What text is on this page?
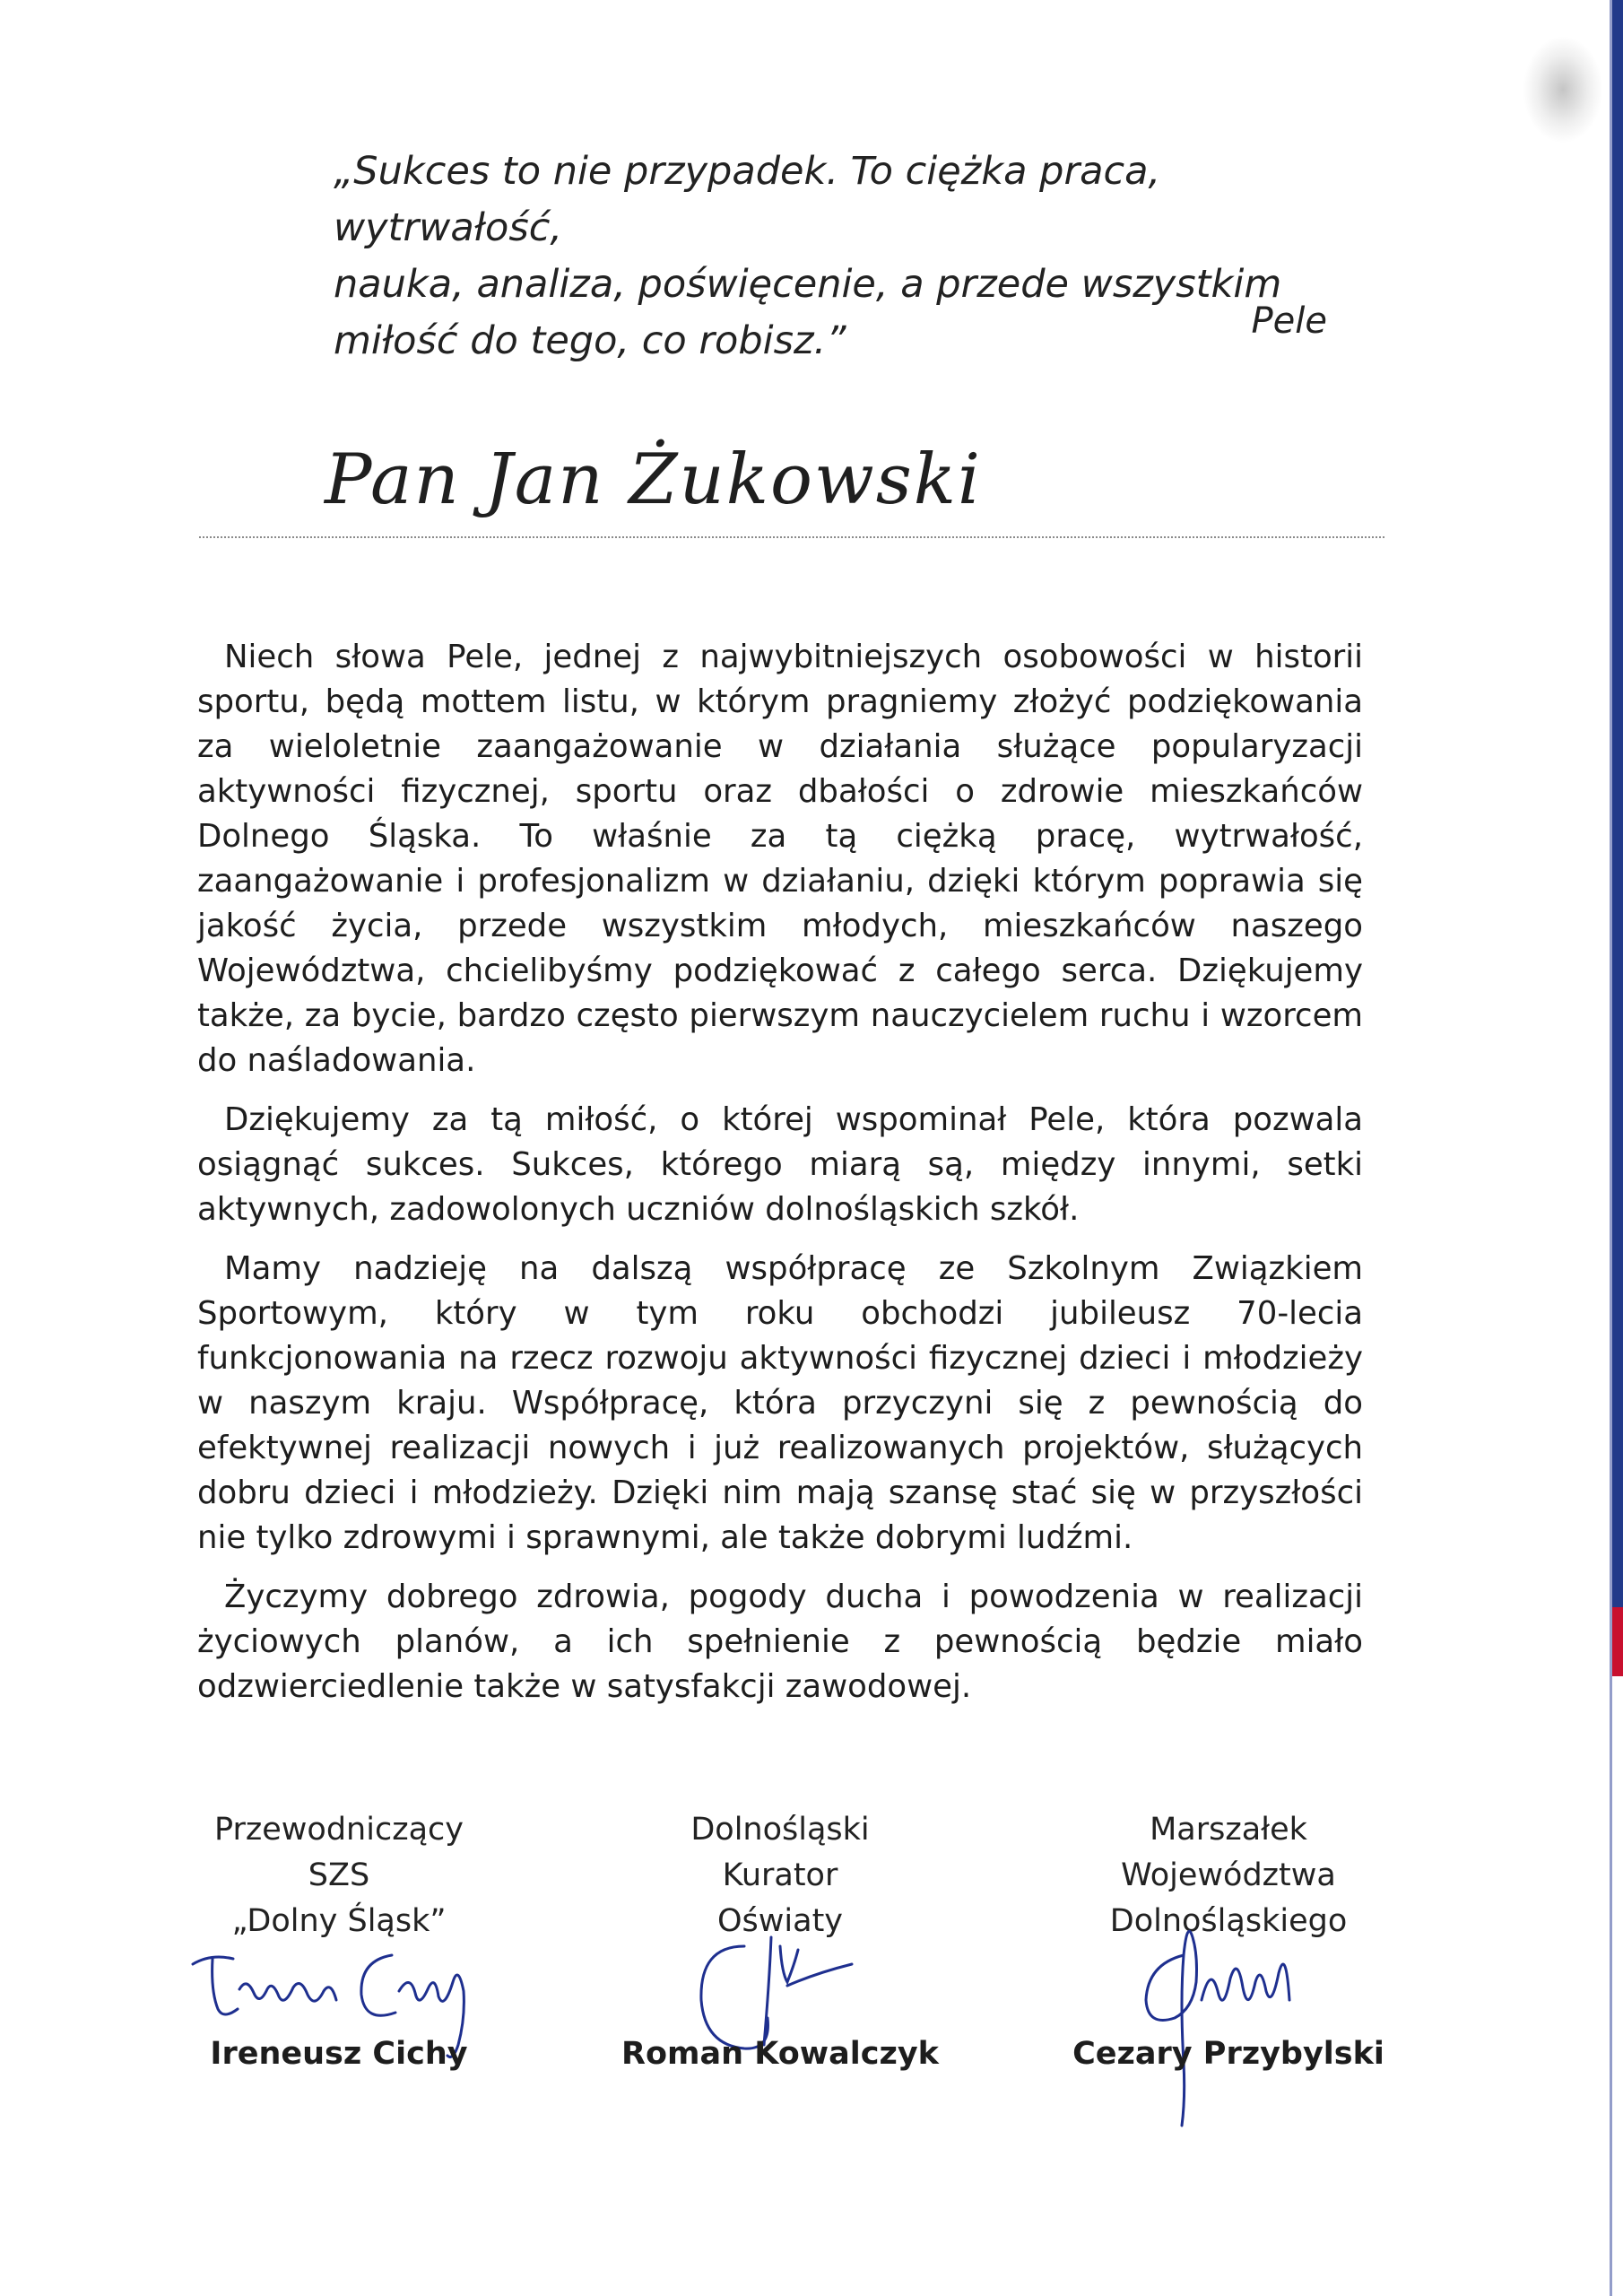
„Sukces to nie przypadek. To ciężka praca, wytrwałość,

nauka, analiza, poświęcenie, a przede wszystkim

miłość do tego, co robisz.”	Pele
Pan Jan Żukowski

Niech słowa Pele, jednej z najwybitniejszych osobowości w historii sportu, będą mottem listu, w którym pragniemy złożyć podziękowania za wieloletnie zaangażowanie w działania służące popularyzacji aktywności fizycznej, sportu oraz dbałości o zdrowie mieszkańców Dolnego Śląska. To właśnie za tą ciężką pracę, wytrwałość, zaangażowanie i profesjonalizm w działaniu, dzięki którym poprawia się jakość życia, przede wszystkim młodych, mieszkańców naszego Województwa, chcielibyśmy podziękować z całego serca. Dziękujemy także, za bycie, bardzo często pierwszym nauczycielem ruchu i wzorcem do naśladowania.

Dziękujemy za tą miłość, o której wspominał Pele, która pozwala osiągnąć sukces. Sukces, którego miarą są, między innymi, setki aktywnych, zadowolonych uczniów dolnośląskich szkół.

Mamy nadzieję na dalszą współpracę ze Szkolnym Związkiem Sportowym, który w tym roku obchodzi jubileusz 70-lecia funkcjonowania na rzecz rozwoju aktywności fizycznej dzieci i młodzieży w naszym kraju. Współpracę, która przyczyni się z pewnością do efektywnej realizacji nowych i już realizowanych projektów, służących dobru dzieci i młodzieży. Dzięki nim mają szansę stać się w przyszłości nie tylko zdrowymi i sprawnymi, ale także dobrymi ludźmi.

Życzymy dobrego zdrowia, pogody ducha i powodzenia w realizacji życiowych planów, a ich spełnienie z pewnością będzie miało odzwierciedlenie także w satysfakcji zawodowej.

Przewodniczący
SZS
„Dolny Śląsk”
Ireneusz Cichy
Dolnośląski
Kurator
Oświaty
Roman Kowalczyk
Marszałek
Województwa
Dolnośląskiego
Cezary Przybylski
